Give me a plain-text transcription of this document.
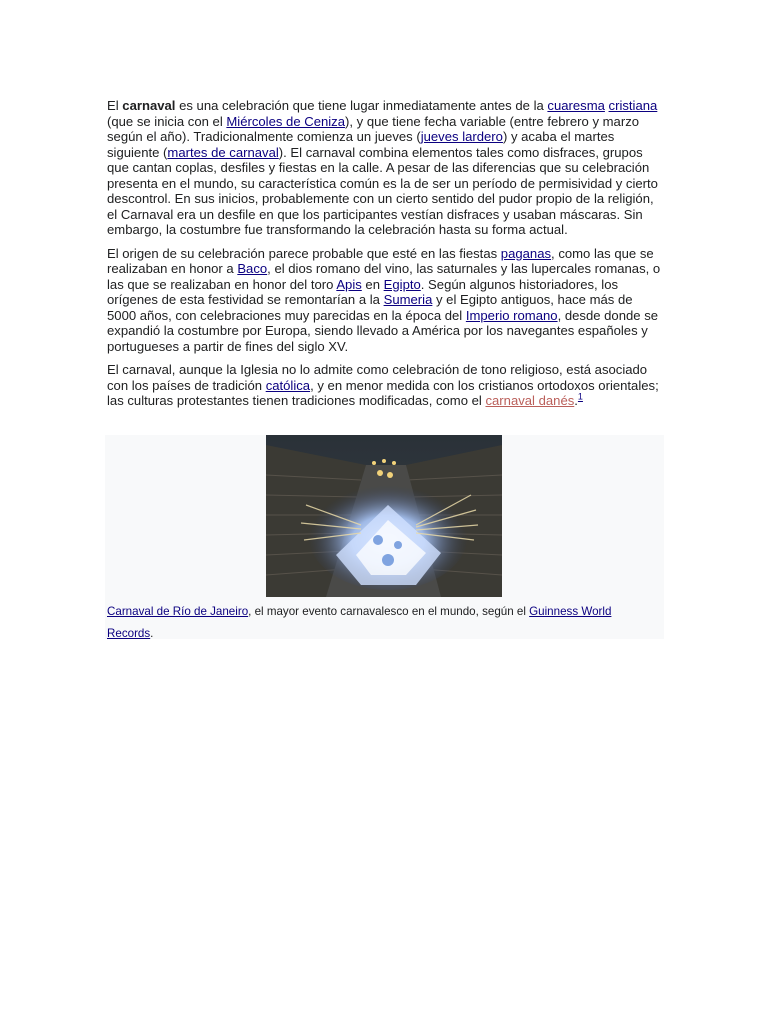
El carnaval es una celebración que tiene lugar inmediatamente antes de la cuaresma cristiana (que se inicia con el Miércoles de Ceniza), y que tiene fecha variable (entre febrero y marzo según el año). Tradicionalmente comienza un jueves (jueves lardero) y acaba el martes siguiente (martes de carnaval). El carnaval combina elementos tales como disfraces, grupos que cantan coplas, desfiles y fiestas en la calle. A pesar de las diferencias que su celebración presenta en el mundo, su característica común es la de ser un período de permisividad y cierto descontrol. En sus inicios, probablemente con un cierto sentido del pudor propio de la religión, el Carnaval era un desfile en que los participantes vestían disfraces y usaban máscaras. Sin embargo, la costumbre fue transformando la celebración hasta su forma actual.

El origen de su celebración parece probable que esté en las fiestas paganas, como las que se realizaban en honor a Baco, el dios romano del vino, las saturnales y las lupercales romanas, o las que se realizaban en honor del toro Apis en Egipto. Según algunos historiadores, los orígenes de esta festividad se remontarían a la Sumeria y el Egipto antiguos, hace más de 5000 años, con celebraciones muy parecidas en la época del Imperio romano, desde donde se expandió la costumbre por Europa, siendo llevado a América por los navegantes españoles y portugueses a partir de fines del siglo XV.

El carnaval, aunque la Iglesia no lo admite como celebración de tono religioso, está asociado con los países de tradición católica, y en menor medida con los cristianos ortodoxos orientales; las culturas protestantes tienen tradiciones modificadas, como el carnaval danés.$^1$

Carnaval de Río de Janeiro, el mayor evento carnavalesco en el mundo, según el Guinness World Records.
